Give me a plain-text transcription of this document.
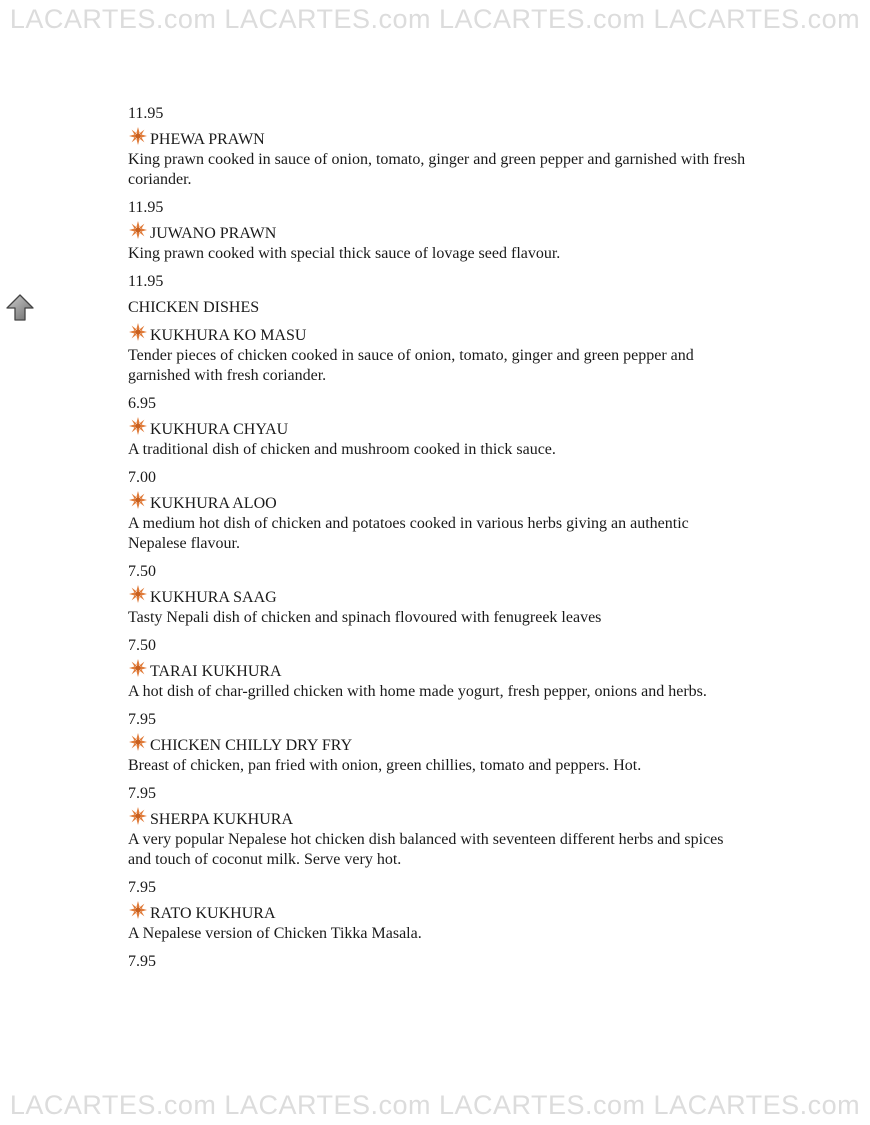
LACARTES.com LACARTES.com LACARTES.com LACARTES.com
11.95
PHEWA PRAWN

King prawn cooked in sauce of onion, tomato, ginger and green pepper and garnished with fresh coriander.

11.95
JUWANO PRAWN

King prawn cooked with special thick sauce of lovage seed flavour.

11.95
CHICKEN DISHES
KUKHURA KO MASU

Tender pieces of chicken cooked in sauce of onion, tomato, ginger and green pepper and garnished with fresh coriander.

6.95
KUKHURA CHYAU

A traditional dish of chicken and mushroom cooked in thick sauce.

7.00
KUKHURA ALOO

A medium hot dish of chicken and potatoes cooked in various herbs giving an authentic Nepalese flavour.

7.50
KUKHURA SAAG

Tasty Nepali dish of chicken and spinach flovoured with fenugreek leaves

7.50
TARAI KUKHURA

A hot dish of char-grilled chicken with home made yogurt, fresh pepper, onions and herbs.

7.95
CHICKEN CHILLY DRY FRY

Breast of chicken, pan fried with onion, green chillies, tomato and peppers. Hot.

7.95
SHERPA KUKHURA

A very popular Nepalese hot chicken dish balanced with seventeen different herbs and spices and touch of coconut milk. Serve very hot.

7.95
RATO KUKHURA

A Nepalese version of Chicken Tikka Masala.

7.95
LACARTES.com LACARTES.com LACARTES.com LACARTES.com
